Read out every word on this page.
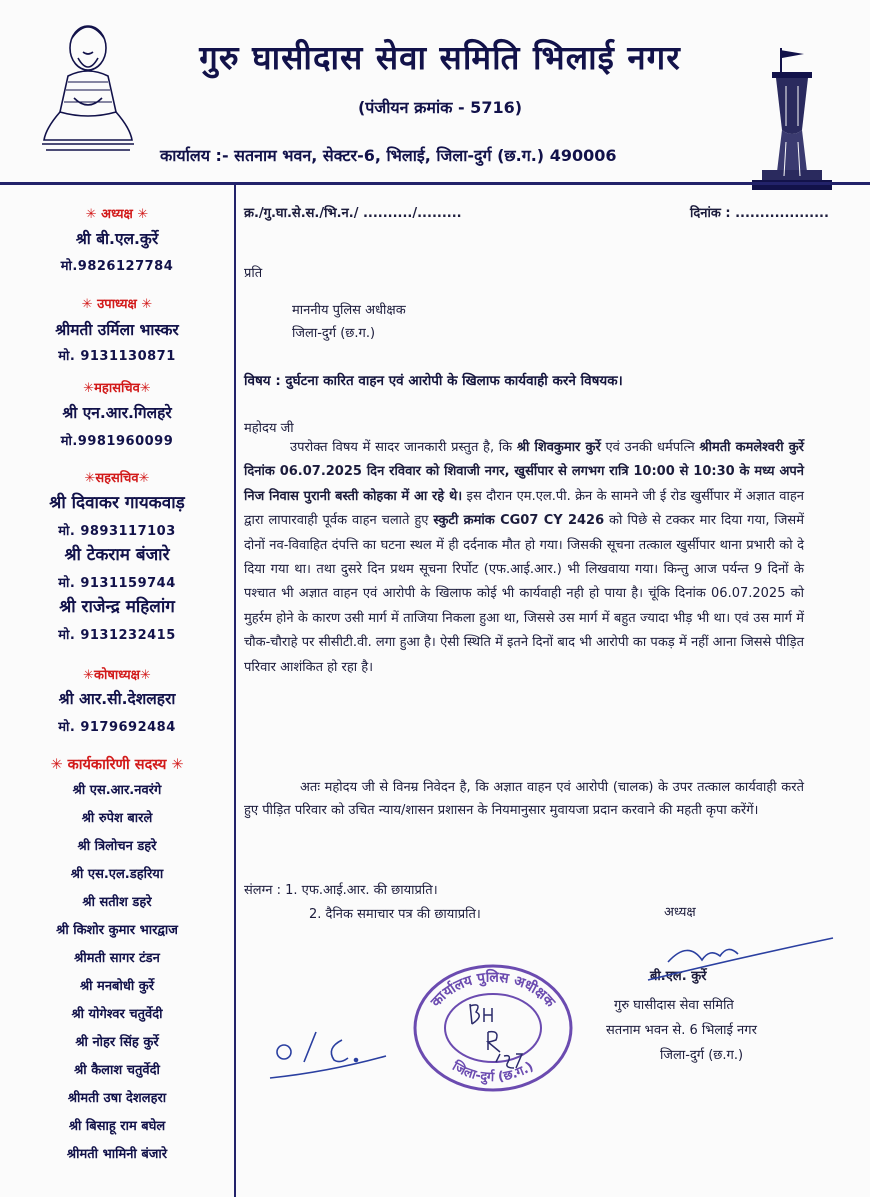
गुरु घासीदास सेवा समिति भिलाई नगर
(पंजीयन क्रमांक - 5716)
कार्यालय :- सतनाम भवन, सेक्टर-6, भिलाई, जिला-दुर्ग (छ.ग.) 490006
✳ अध्यक्ष ✳
श्री बी.एल.कुर्रे
मो.9826127784
✳ उपाध्यक्ष ✳
श्रीमती उर्मिला भास्कर
मो. 9131130871
✳महासचिव✳
श्री एन.आर.गिलहरे
मो.9981960099
✳सहसचिव✳
श्री दिवाकर गायकवाड़
मो. 9893117103
श्री टेकराम बंजारे
मो. 9131159744
श्री राजेन्द्र महिलांग
मो. 9131232415
✳कोषाध्यक्ष✳
श्री आर.सी.देशलहरा
मो. 9179692484
✳ कार्यकारिणी सदस्य ✳
श्री एस.आर.नवरंगे
श्री रुपेश बारले
श्री त्रिलोचन डहरे
श्री एस.एल.डहरिया
श्री सतीश डहरे
श्री किशोर कुमार भारद्वाज
श्रीमती सागर टंडन
श्री मनबोधी कुर्रे
श्री योगेश्वर चतुर्वेदी
श्री नोहर सिंह कुर्रे
श्री कैलाश चतुर्वेदी
श्रीमती उषा देशलहरा
श्री बिसाहू राम बघेल
श्रीमती भामिनी बंजारे
क्र./गु.घा.से.स./भि.न./ ........../.........	दिनांक : ...................
प्रति
माननीय पुलिस अधीक्षक
जिला-दुर्ग (छ.ग.)
विषय : दुर्घटना कारित वाहन एवं आरोपी के खिलाफ कार्यवाही करने विषयक।
महोदय जी
उपरोक्त विषय में सादर जानकारी प्रस्तुत है, कि श्री शिवकुमार कुर्रे एवं उनकी धर्मपत्नि श्रीमती कमलेश्वरी कुर्रे दिनांक 06.07.2025 दिन रविवार को शिवाजी नगर, खुर्सीपार से लगभग रात्रि 10:00 से 10:30 के मध्य अपने निज निवास पुरानी बस्ती कोहका में आ रहे थे। इस दौरान एम.एल.पी. क्रेन के सामने जी ई रोड खुर्सीपार में अज्ञात वाहन द्वारा लापारवाही पूर्वक वाहन चलाते हुए स्कुटी क्रमांक CG07 CY 2426 को पिछे से टक्कर मार दिया गया, जिसमें दोनों नव-विवाहित दंपत्ति का घटना स्थल में ही दर्दनाक मौत हो गया। जिसकी सूचना तत्काल खुर्सीपार थाना प्रभारी को दे दिया गया था। तथा दुसरे दिन प्रथम सूचना रिर्पोट (एफ.आई.आर.) भी लिखवाया गया। किन्तु आज पर्यन्त 9 दिनों के पश्चात भी अज्ञात वाहन एवं आरोपी के खिलाफ कोई भी कार्यवाही नही हो पाया है। चूंकि दिनांक 06.07.2025 को मुहर्रम होने के कारण उसी मार्ग में ताजिया निकला हुआ था, जिससे उस मार्ग में बहुत ज्यादा भीड़ भी था। एवं उस मार्ग में चौक-चौराहे पर सीसीटी.वी. लगा हुआ है। ऐसी स्थिति में इतने दिनों बाद भी आरोपी का पकड़ में नहीं आना जिससे पीड़ित परिवार आशंकित हो रहा है।
अतः महोदय जी से विनम्र निवेदन है, कि अज्ञात वाहन एवं आरोपी (चालक) के उपर तत्काल कार्यवाही करते हुए पीड़ित परिवार को उचित न्याय/शासन प्रशासन के नियमानुसार मुवायजा प्रदान करवाने की महती कृपा करेंगें।
संलग्न : 1. एफ.आई.आर. की छायाप्रति।
2. दैनिक समाचार पत्र की छायाप्रति।	अध्यक्ष
बी.एल. कुर्रे
गुरु घासीदास सेवा समिति
सतनाम भवन से. 6 भिलाई नगर
जिला-दुर्ग (छ.ग.)
कार्यालय पुलिस अधीक्षक
जिला-दुर्ग (छ.ग.)
